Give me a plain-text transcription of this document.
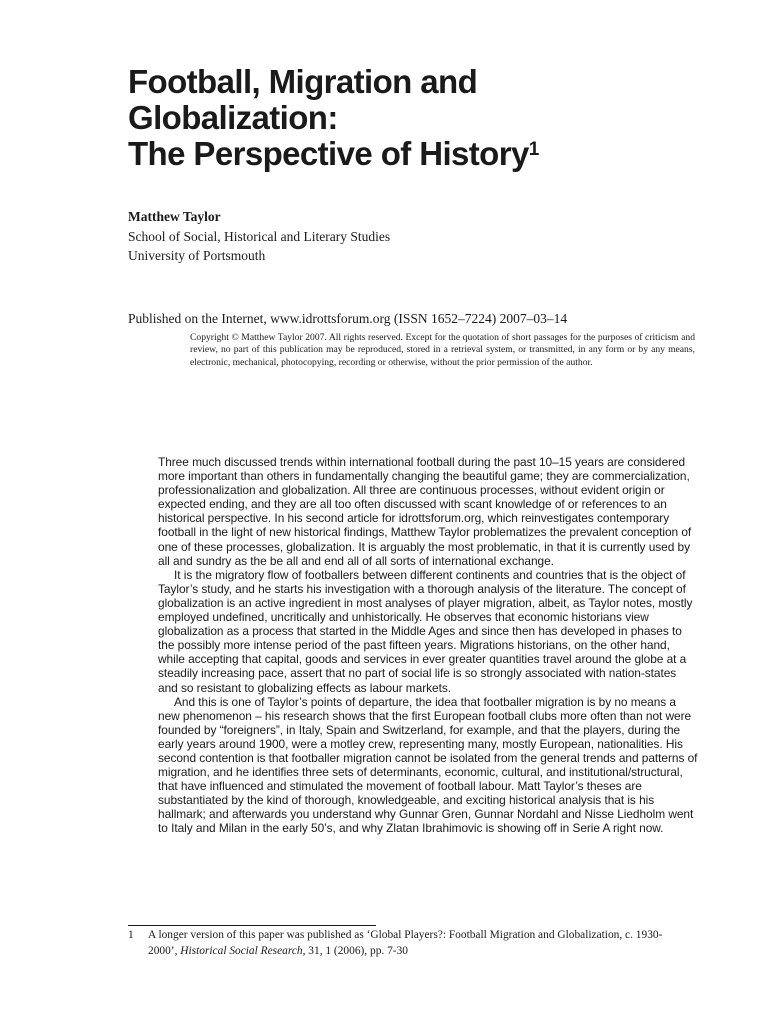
Football, Migration and
Globalization:
The Perspective of History$^1$
Matthew Taylor
School of Social, Historical and Literary Studies
University of Portsmouth
Published on the Internet, www.idrottsforum.org (ISSN 1652–7224) 2007–03–14
Copyright © Matthew Taylor 2007. All rights reserved. Except for the quotation of short passages for the purposes of criticism and review, no part of this publication may be reproduced, stored in a retrieval system, or transmitted, in any form or by any means, electronic, mechanical, photocopying, recording or otherwise, without the prior permission of the author.

Three much discussed trends within international football during the past 10–15 years are considered more important than others in fundamentally changing the beautiful game; they are commercialization, professionalization and globalization. All three are continuous processes, without evident origin or expected ending, and they are all too often discussed with scant knowledge of or references to an historical perspective. In his second article for idrottsforum.org, which reinvestigates contemporary football in the light of new historical findings, Matthew Taylor problematizes the prevalent conception of one of these processes, globalization. It is arguably the most problematic, in that it is currently used by all and sundry as the be all and end all of all sorts of international exchange.

It is the migratory flow of footballers between different continents and countries that is the object of Taylor’s study, and he starts his investigation with a thorough analysis of the literature. The concept of globalization is an active ingredient in most analyses of player migration, albeit, as Taylor notes, mostly employed undefined, uncritically and unhistorically. He observes that economic historians view globalization as a process that started in the Middle Ages and since then has developed in phases to the possibly more intense period of the past fifteen years. Migrations historians, on the other hand, while accepting that capital, goods and services in ever greater quantities travel around the globe at a steadily increasing pace, assert that no part of social life is so strongly associated with nation-states and so resistant to globalizing effects as labour markets.

And this is one of Taylor’s points of departure, the idea that footballer migration is by no means a new phenomenon – his research shows that the first European football clubs more often than not were founded by “foreigners”, in Italy, Spain and Switzerland, for example, and that the players, during the early years around 1900, were a motley crew, representing many, mostly European, nationalities. His second contention is that footballer migration cannot be isolated from the general trends and patterns of migration, and he identifies three sets of determinants, economic, cultural, and institutional/structural, that have influenced and stimulated the movement of football labour. Matt Taylor’s theses are substantiated by the kind of thorough, knowledgeable, and exciting historical analysis that is his hallmark; and afterwards you understand why Gunnar Gren, Gunnar Nordahl and Nisse Liedholm went to Italy and Milan in the early 50’s, and why Zlatan Ibrahimovic is showing off in Serie A right now.

1 A longer version of this paper was published as ‘Global Players?: Football Migration and Globalization, c. 1930-2000’, Historical Social Research, 31, 1 (2006), pp. 7-30
